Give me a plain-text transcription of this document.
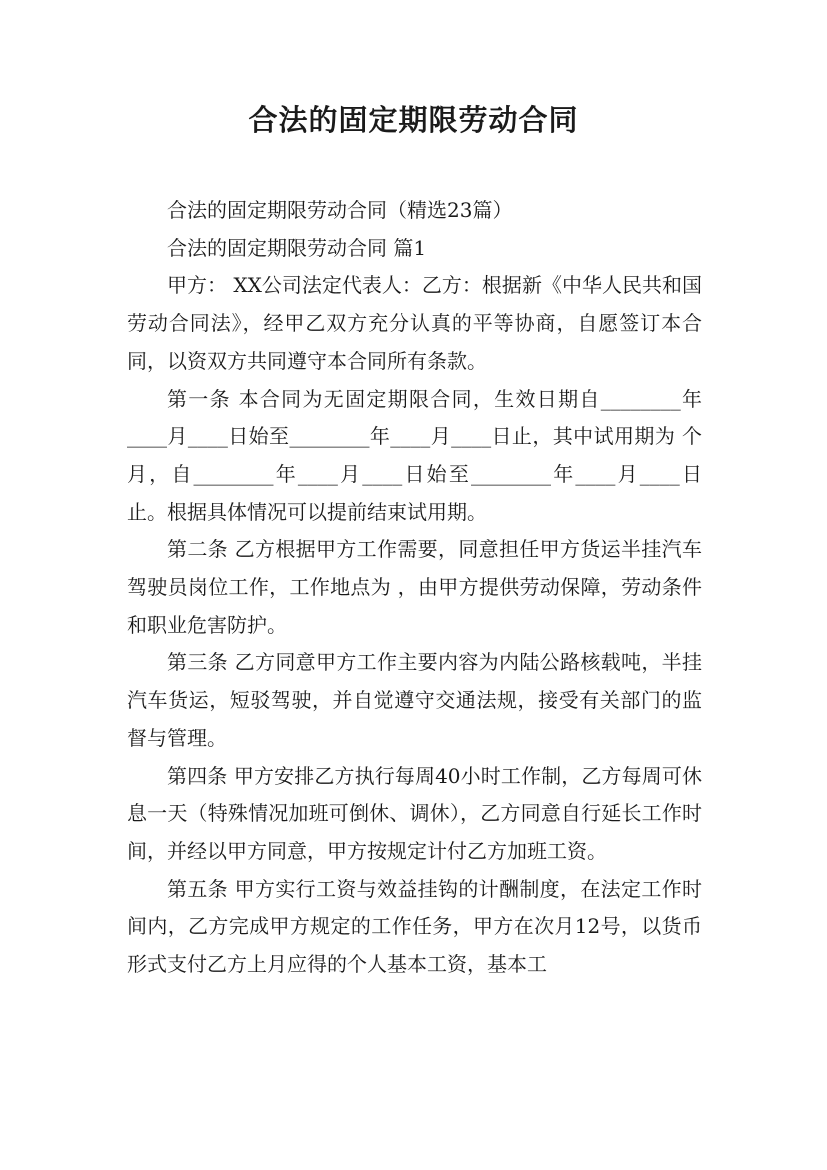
合法的固定期限劳动合同

合法的固定期限劳动合同（精选23篇）

合法的固定期限劳动合同 篇1

甲方： XX公司法定代表人：乙方：根据新《中华人民共和国劳动合同法》，经甲乙双方充分认真的平等协商，自愿签订本合同，以资双方共同遵守本合同所有条款。

第一条 本合同为无固定期限合同，生效日期自________年____月____日始至________年____月____日止，其中试用期为 个月，自________年____月____日始至________年____月____日止。根据具体情况可以提前结束试用期。

第二条 乙方根据甲方工作需要，同意担任甲方货运半挂汽车驾驶员岗位工作，工作地点为 ，由甲方提供劳动保障，劳动条件和职业危害防护。

第三条 乙方同意甲方工作主要内容为内陆公路核载吨，半挂汽车货运，短驳驾驶，并自觉遵守交通法规，接受有关部门的监督与管理。

第四条 甲方安排乙方执行每周40小时工作制，乙方每周可休息一天（特殊情况加班可倒休、调休），乙方同意自行延长工作时间，并经以甲方同意，甲方按规定计付乙方加班工资。

第五条 甲方实行工资与效益挂钩的计酬制度，在法定工作时间内，乙方完成甲方规定的工作任务，甲方在次月12号，以货币形式支付乙方上月应得的个人基本工资，基本工
